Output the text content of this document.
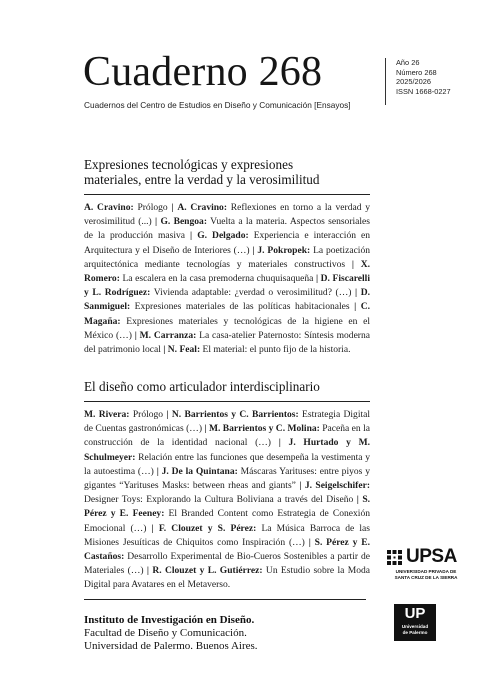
Cuaderno 268
Cuadernos del Centro de Estudios en Diseño y Comunicación [Ensayos]
Año 26
Número 268
2025/2026
ISSN 1668-0227
Expresiones tecnológicas y expresiones
materiales, entre la verdad y la verosimilitud
A. Cravino: Prólogo | A. Cravino: Reflexiones en torno a la verdad y verosimilitud (...) | G. Bengoa: Vuelta a la materia. Aspectos sensoriales de la producción masiva | G. Delgado: Experiencia e interacción en Arquitectura y el Diseño de Interiores (…) | J. Pokropek: La poetización arquitectónica mediante tecnologías y materiales constructivos | X. Romero: La escalera en la casa premoderna chuquisaqueña | D. Fiscarelli y L. Rodríguez: Vivienda adaptable: ¿verdad o verosimilitud? (…) | D. Sanmiguel: Expresiones materiales de las políticas habitacionales | C. Magaña: Expresiones materiales y tecnológicas de la higiene en el México (…) | M. Carranza: La casa-atelier Paternosto: Síntesis moderna del patrimonio local | N. Feal: El material: el punto fijo de la historia.
El diseño como articulador interdisciplinario
M. Rivera: Prólogo | N. Barrientos y C. Barrientos: Estrategia Digital de Cuentas gastronómicas (…) | M. Barrientos y C. Molina: Paceña en la construcción de la identidad nacional (…) | J. Hurtado y M. Schulmeyer: Relación entre las funciones que desempeña la vestimenta y la autoestima (…) | J. De la Quintana: Máscaras Yarituses: entre piyos y gigantes “Yarituses Masks: between rheas and giants” | J. Seigelschifer: Designer Toys: Explorando la Cultura Boliviana a través del Diseño | S. Pérez y E. Feeney: El Branded Content como Estrategia de Conexión Emocional (…) | F. Clouzet y S. Pérez: La Música Barroca de las Misiones Jesuíticas de Chiquitos como Inspiración (…) | S. Pérez y E. Castaños: Desarrollo Experimental de Bio-Cueros Sostenibles a partir de Materiales (…) | R. Clouzet y L. Gutiérrez: Un Estudio sobre la Moda Digital para Avatares en el Metaverso.
UPSA
UNIVERSIDAD PRIVADA DE
SANTA CRUZ DE LA SIERRA
Instituto de Investigación en Diseño.
Facultad de Diseño y Comunicación.
Universidad de Palermo. Buenos Aires.
UP
Universidad
de Palermo
